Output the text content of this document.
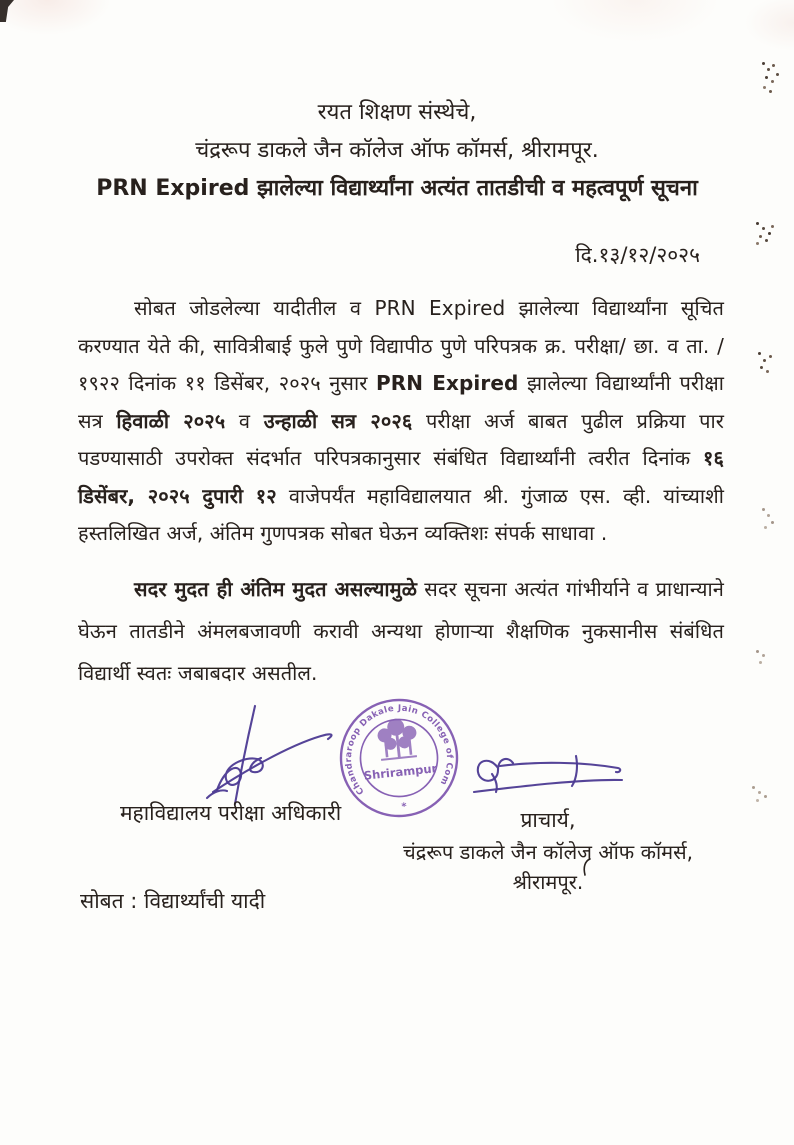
रयत शिक्षण संस्थेचे,
चंद्ररूप डाकले जैन कॉलेज ऑफ कॉमर्स, श्रीरामपूर.
PRN Expired झालेल्या विद्यार्थ्यांना अत्यंत तातडीची व महत्वपूर्ण सूचना
दि.१३/१२/२०२५
सोबत जोडलेल्या यादीतील व PRN Expired झालेल्या विद्यार्थ्यांना सूचित करण्यात येते की, सावित्रीबाई फुले पुणे विद्यापीठ पुणे परिपत्रक क्र. परीक्षा/ छा. व ता. /१९२२ दिनांक ११ डिसेंबर, २०२५ नुसार PRN Expired झालेल्या विद्यार्थ्यांनी परीक्षा सत्र हिवाळी २०२५ व उन्हाळी सत्र २०२६ परीक्षा अर्ज बाबत पुढील प्रक्रिया पार पडण्यासाठी उपरोक्त संदर्भात परिपत्रकानुसार संबंधित विद्यार्थ्यांनी त्वरीत दिनांक १६ डिसेंबर, २०२५ दुपारी १२ वाजेपर्यंत महाविद्यालयात श्री. गुंजाळ एस. व्ही. यांच्याशी हस्तलिखित अर्ज, अंतिम गुणपत्रक सोबत घेऊन व्यक्तिशः संपर्क साधावा .
सदर मुदत ही अंतिम मुदत असल्यामुळे सदर सूचना अत्यंत गांभीर्याने व प्राधान्याने घेऊन तातडीने अंमलबजावणी करावी अन्यथा होणाऱ्या शैक्षणिक नुकसानीस संबंधित विद्यार्थी स्वतः जबाबदार असतील.
महाविद्यालय परीक्षा अधिकारी
Chandraroop Dakale Jain College of Commerce
Shrirampur
*
प्राचार्य,
चंद्ररूप डाकले जैन कॉलेज ऑफ कॉमर्स,
श्रीरामपूर.
सोबत : विद्यार्थ्यांची यादी
